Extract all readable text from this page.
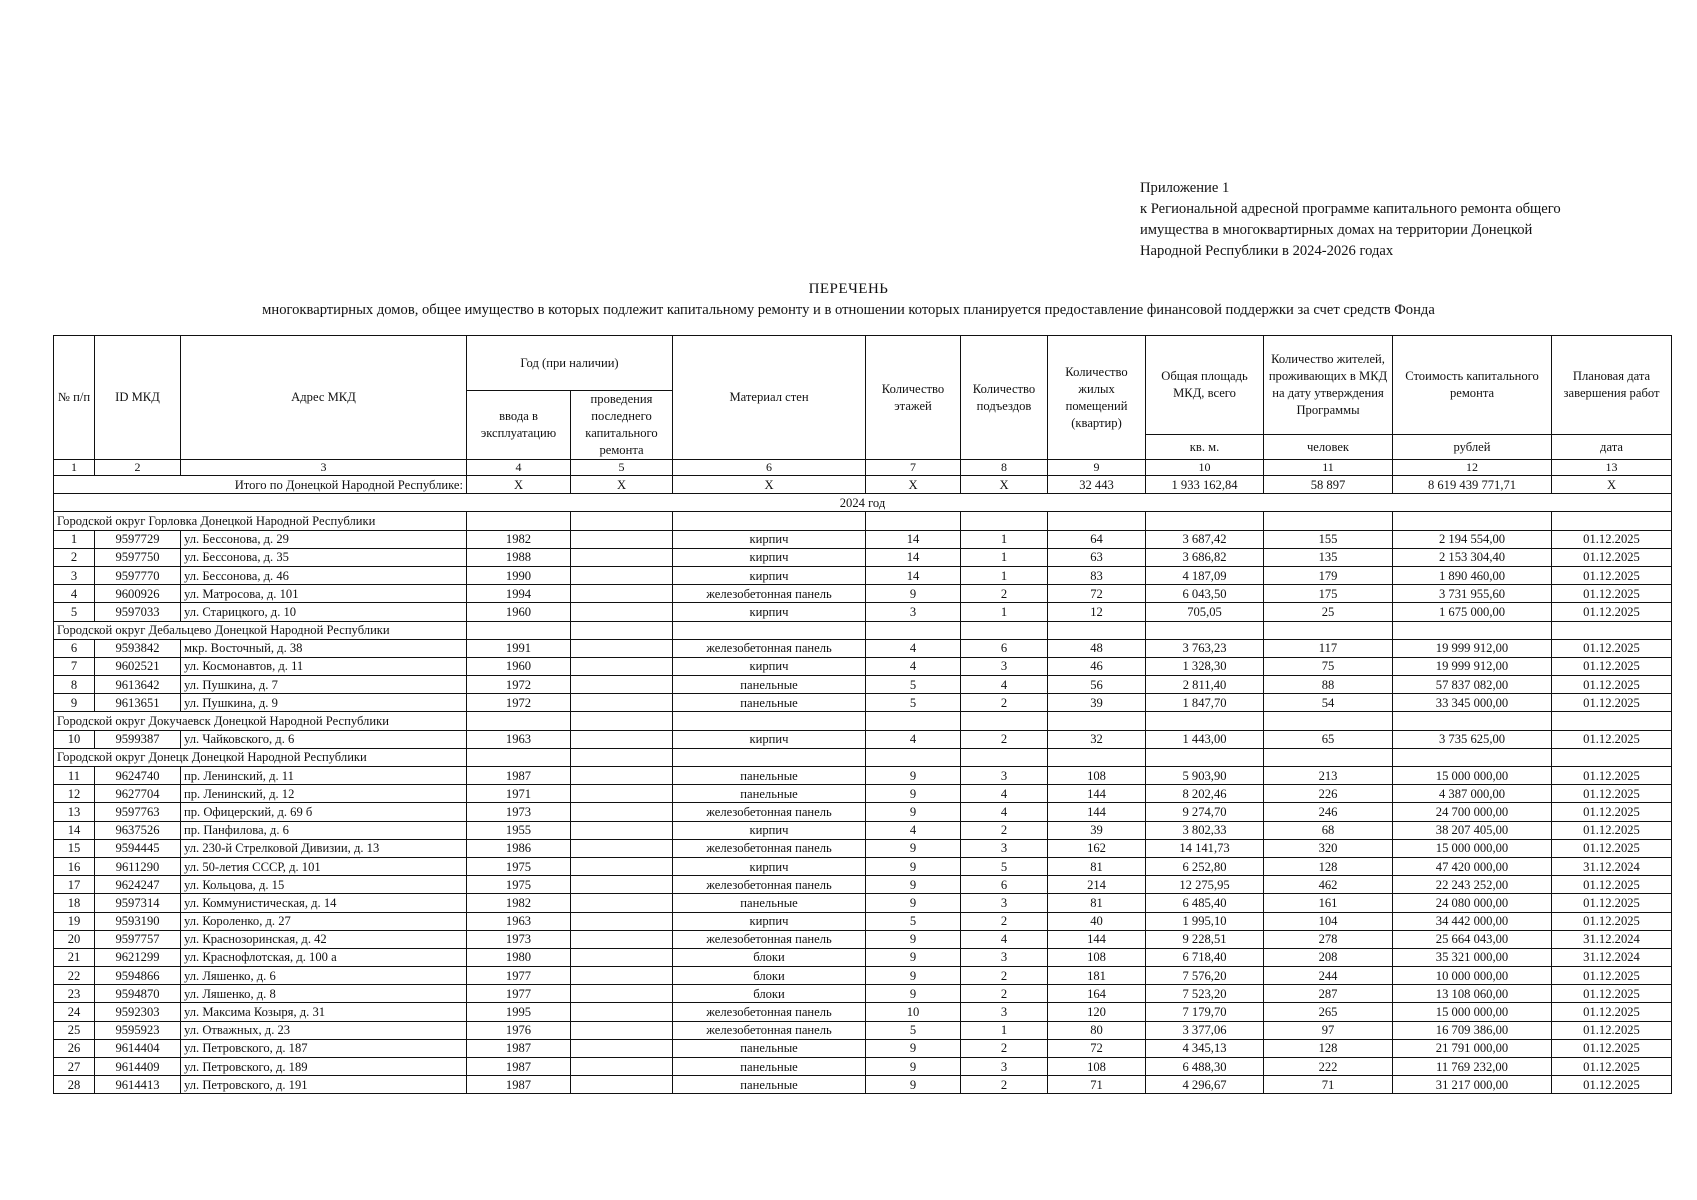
Приложение 1
к Региональной адресной программе капитального ремонта общего
имущества в многоквартирных домах на территории Донецкой
Народной Республики в 2024-2026 годах
ПЕРЕЧЕНЬ
многоквартирных домов, общее имущество в которых подлежит капитальному ремонту и в отношении которых планируется предоставление финансовой поддержки за счет средств Фонда
№ п/п	ID МКД	Адрес МКД	Год (при наличии)		Материал стен	Количество этажей	Количество подъездов	Количество жилых помещений (квартир)	Общая площадь МКД, всего	Количество жителей, проживающих в МКД на дату утверждения Программы	Стоимость капитального ремонта	Плановая дата завершения работ
			ввода в эксплуатацию	проведения последнего капитального ремонта								
									кв. м.	человек	рублей	дата
1	2	3	4	5	6	7	8	9	10	11	12	13
Итого по Донецкой Народной Республике:			X	X	X	X	X	32 443	1 933 162,84	58 897	8 619 439 771,71	X
2024 год												
Городской округ Горловка Донецкой Народной Республики												
1	9597729	ул. Бессонова, д. 29	1982		кирпич	14	1	64	3 687,42	155	2 194 554,00	01.12.2025
2	9597750	ул. Бессонова, д. 35	1988		кирпич	14	1	63	3 686,82	135	2 153 304,40	01.12.2025
3	9597770	ул. Бессонова, д. 46	1990		кирпич	14	1	83	4 187,09	179	1 890 460,00	01.12.2025
4	9600926	ул. Матросова, д. 101	1994		железобетонная панель	9	2	72	6 043,50	175	3 731 955,60	01.12.2025
5	9597033	ул. Старицкого, д. 10	1960		кирпич	3	1	12	705,05	25	1 675 000,00	01.12.2025
Городской округ Дебальцево Донецкой Народной Республики												
6	9593842	мкр. Восточный, д. 38	1991		железобетонная панель	4	6	48	3 763,23	117	19 999 912,00	01.12.2025
7	9602521	ул. Космонавтов, д. 11	1960		кирпич	4	3	46	1 328,30	75	19 999 912,00	01.12.2025
8	9613642	ул. Пушкина, д. 7	1972		панельные	5	4	56	2 811,40	88	57 837 082,00	01.12.2025
9	9613651	ул. Пушкина, д. 9	1972		панельные	5	2	39	1 847,70	54	33 345 000,00	01.12.2025
Городской округ Докучаевск Донецкой Народной Республики												
10	9599387	ул. Чайковского, д. 6	1963		кирпич	4	2	32	1 443,00	65	3 735 625,00	01.12.2025
Городской округ Донецк Донецкой Народной Республики												
11	9624740	пр. Ленинский, д. 11	1987		панельные	9	3	108	5 903,90	213	15 000 000,00	01.12.2025
12	9627704	пр. Ленинский, д. 12	1971		панельные	9	4	144	8 202,46	226	4 387 000,00	01.12.2025
13	9597763	пр. Офицерский, д. 69 б	1973		железобетонная панель	9	4	144	9 274,70	246	24 700 000,00	01.12.2025
14	9637526	пр. Панфилова, д. 6	1955		кирпич	4	2	39	3 802,33	68	38 207 405,00	01.12.2025
15	9594445	ул. 230-й Стрелковой Дивизии, д. 13	1986		железобетонная панель	9	3	162	14 141,73	320	15 000 000,00	01.12.2025
16	9611290	ул. 50-летия СССР, д. 101	1975		кирпич	9	5	81	6 252,80	128	47 420 000,00	31.12.2024
17	9624247	ул. Кольцова, д. 15	1975		железобетонная панель	9	6	214	12 275,95	462	22 243 252,00	01.12.2025
18	9597314	ул. Коммунистическая, д. 14	1982		панельные	9	3	81	6 485,40	161	24 080 000,00	01.12.2025
19	9593190	ул. Короленко, д. 27	1963		кирпич	5	2	40	1 995,10	104	34 442 000,00	01.12.2025
20	9597757	ул. Краснозоринская, д. 42	1973		железобетонная панель	9	4	144	9 228,51	278	25 664 043,00	31.12.2024
21	9621299	ул. Краснофлотская, д. 100 а	1980		блоки	9	3	108	6 718,40	208	35 321 000,00	31.12.2024
22	9594866	ул. Ляшенко, д. 6	1977		блоки	9	2	181	7 576,20	244	10 000 000,00	01.12.2025
23	9594870	ул. Ляшенко, д. 8	1977		блоки	9	2	164	7 523,20	287	13 108 060,00	01.12.2025
24	9592303	ул. Максима Козыря, д. 31	1995		железобетонная панель	10	3	120	7 179,70	265	15 000 000,00	01.12.2025
25	9595923	ул. Отважных, д. 23	1976		железобетонная панель	5	1	80	3 377,06	97	16 709 386,00	01.12.2025
26	9614404	ул. Петровского, д. 187	1987		панельные	9	2	72	4 345,13	128	21 791 000,00	01.12.2025
27	9614409	ул. Петровского, д. 189	1987		панельные	9	3	108	6 488,30	222	11 769 232,00	01.12.2025
28	9614413	ул. Петровского, д. 191	1987		панельные	9	2	71	4 296,67	71	31 217 000,00	01.12.2025
